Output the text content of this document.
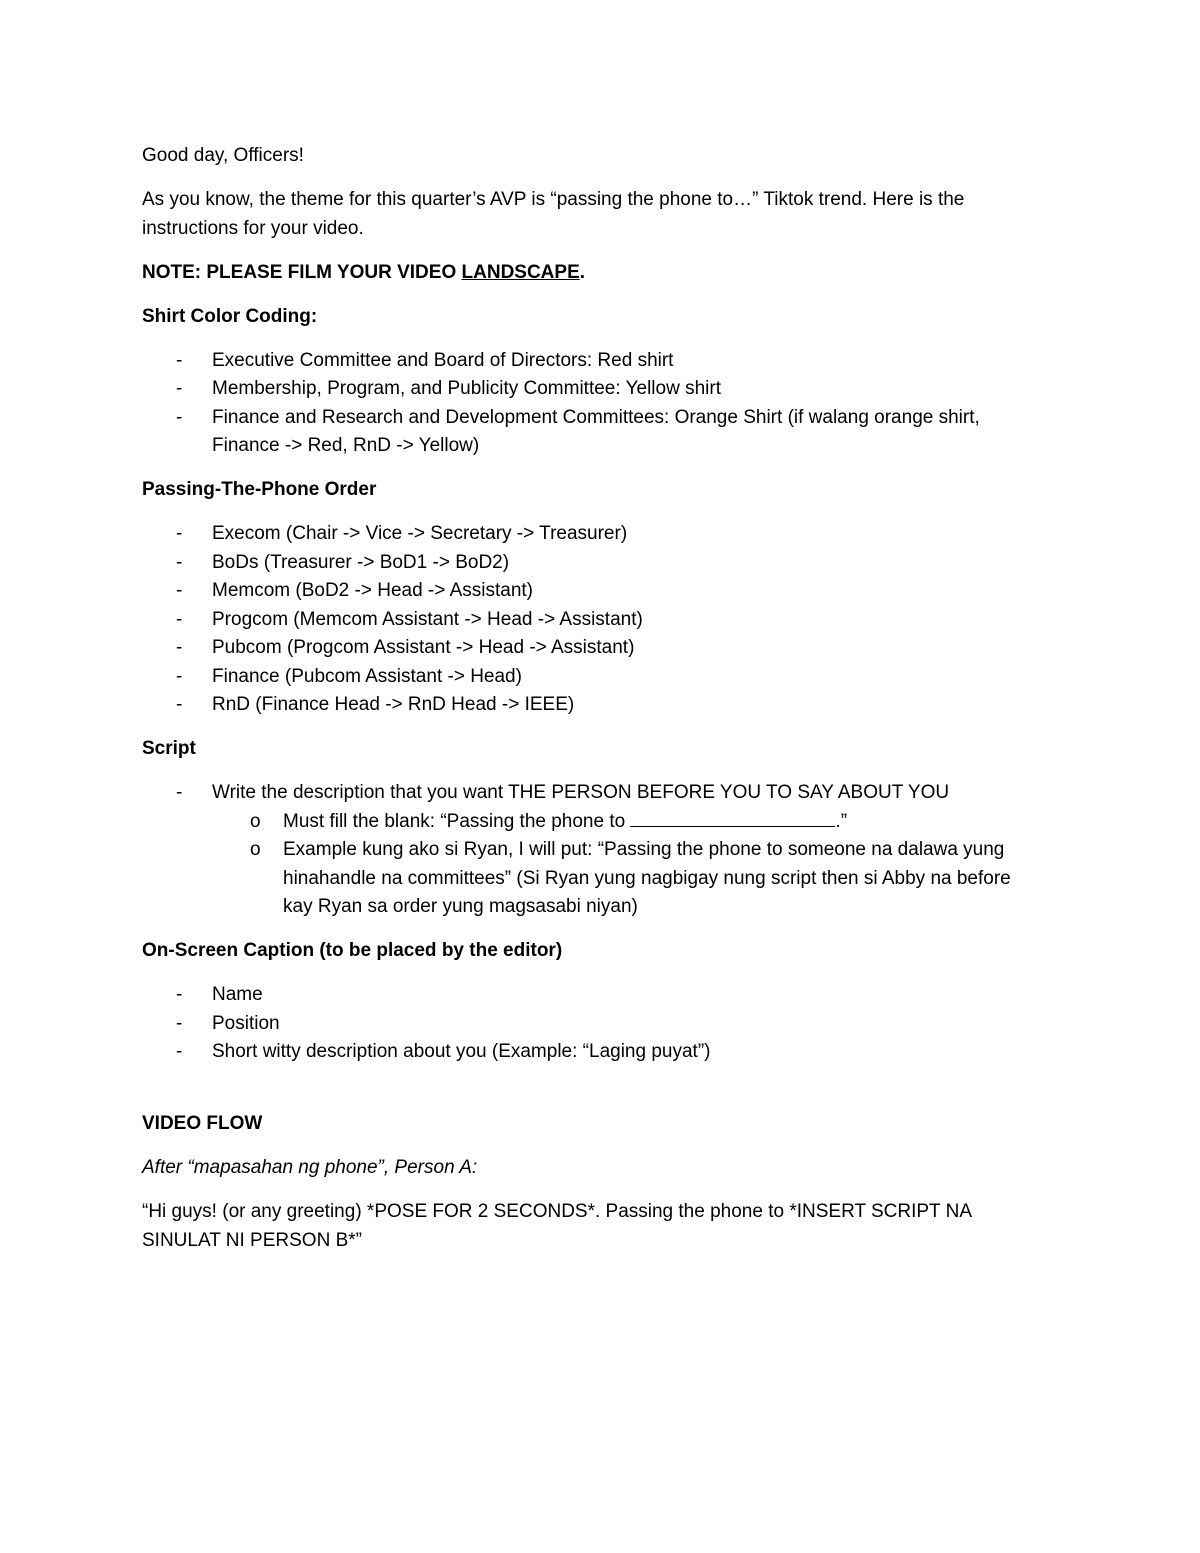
Good day, Officers!

As you know, the theme for this quarter’s AVP is “passing the phone to…” Tiktok trend. Here is the instructions for your video.

NOTE: PLEASE FILM YOUR VIDEO LANDSCAPE.

Shirt Color Coding:

- Executive Committee and Board of Directors: Red shirt
- Membership, Program, and Publicity Committee: Yellow shirt
- Finance and Research and Development Committees: Orange Shirt (if walang orange shirt, Finance -> Red, RnD -> Yellow)

Passing-The-Phone Order

- Execom (Chair -> Vice -> Secretary -> Treasurer)
- BoDs (Treasurer -> BoD1 -> BoD2)
- Memcom (BoD2 -> Head -> Assistant)
- Progcom (Memcom Assistant -> Head -> Assistant)
- Pubcom (Progcom Assistant -> Head -> Assistant)
- Finance (Pubcom Assistant -> Head)
- RnD (Finance Head -> RnD Head -> IEEE)

Script

- Write the description that you want THE PERSON BEFORE YOU TO SAY ABOUT YOU
o Must fill the blank: “Passing the phone to	.”
o Example kung ako si Ryan, I will put: “Passing the phone to someone na dalawa yung hinahandle na committees” (Si Ryan yung nagbigay nung script then si Abby na before kay Ryan sa order yung magsasabi niyan)

On-Screen Caption (to be placed by the editor)

- Name
- Position
- Short witty description about you (Example: “Laging puyat”)

VIDEO FLOW

After “mapasahan ng phone”, Person A:

“Hi guys! (or any greeting) *POSE FOR 2 SECONDS*. Passing the phone to *INSERT SCRIPT NA SINULAT NI PERSON B*”
